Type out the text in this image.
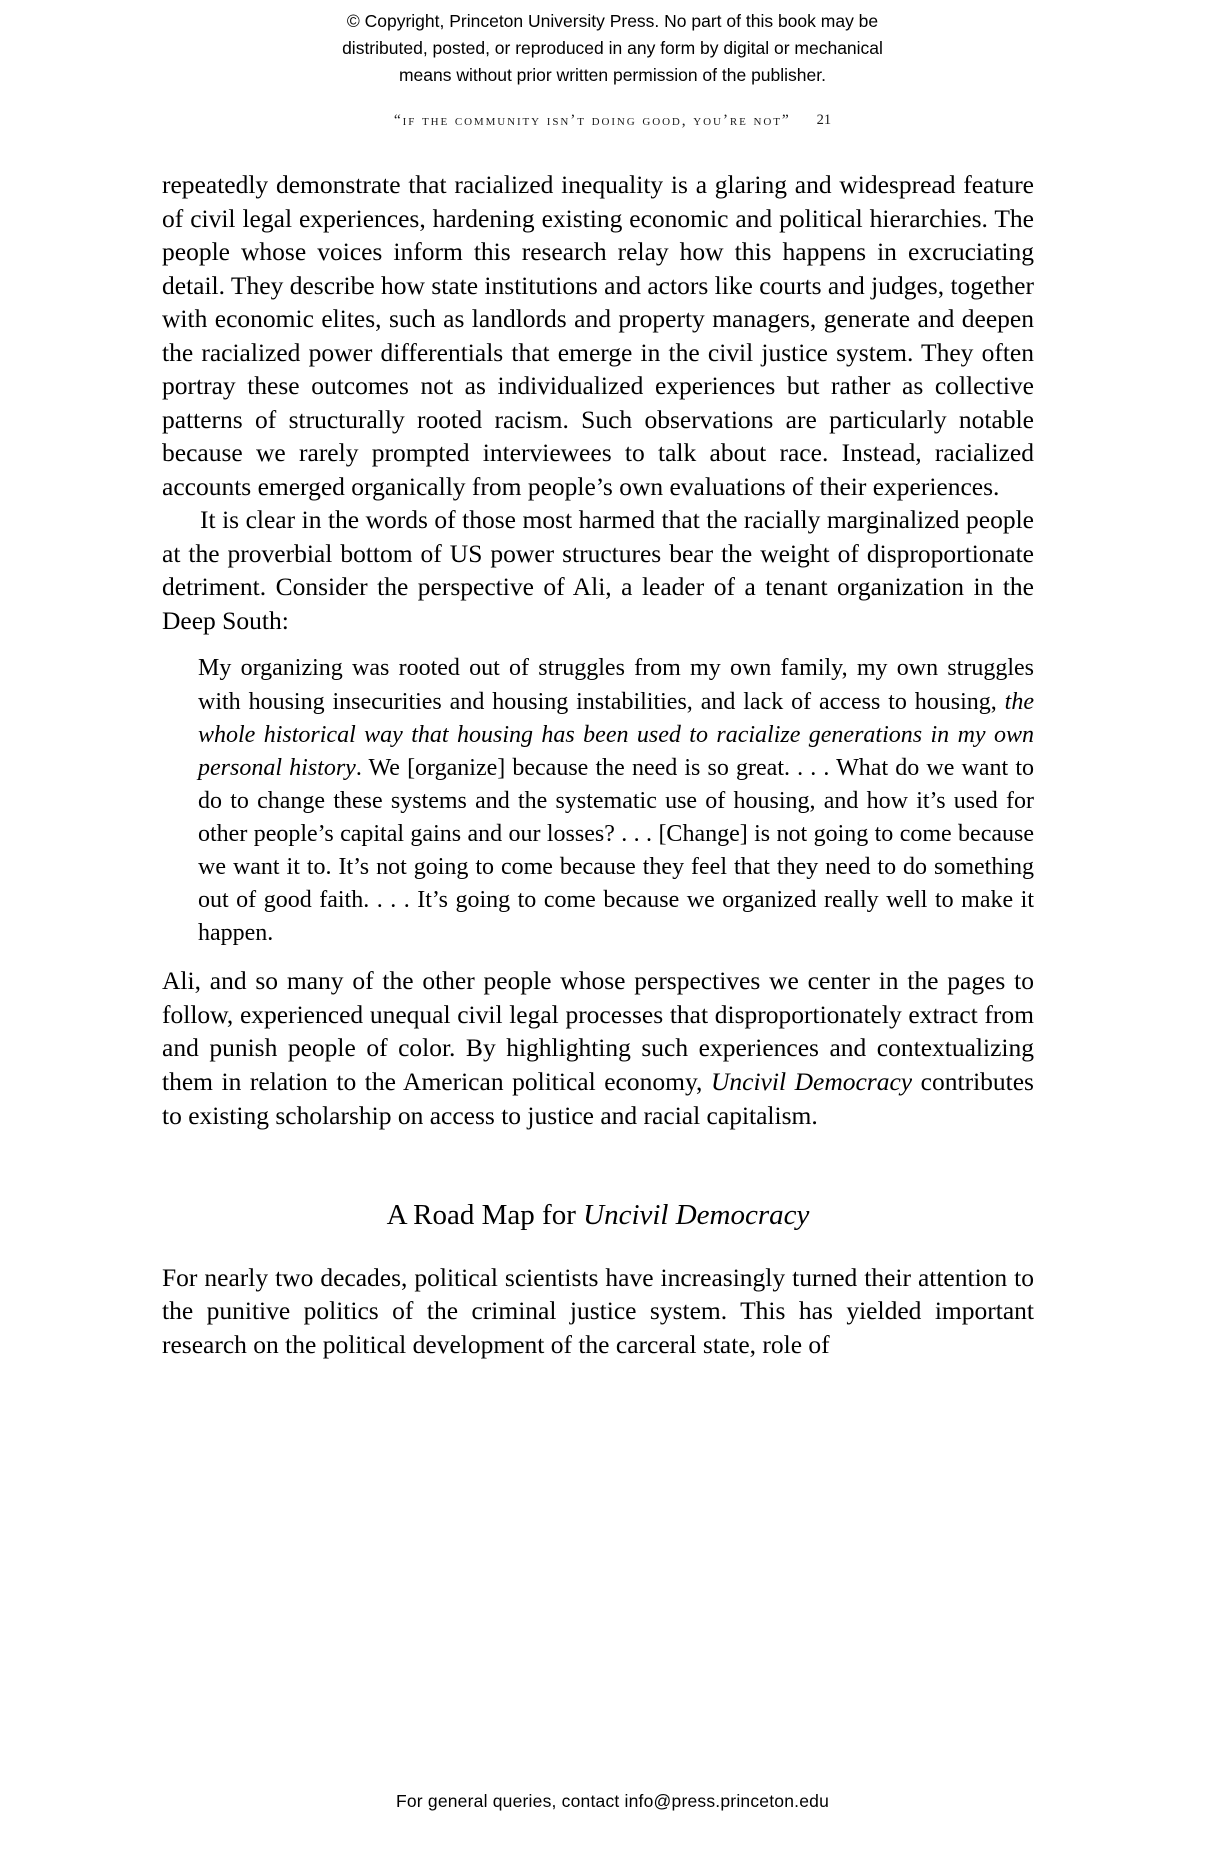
© Copyright, Princeton University Press. No part of this book may be
distributed, posted, or reproduced in any form by digital or mechanical
means without prior written permission of the publisher.
“if the community isn’t doing good, you’re not” 21

repeatedly demonstrate that racialized inequality is a glaring and widespread feature of civil legal experiences, hardening existing economic and political hierarchies. The people whose voices inform this research relay how this happens in excruciating detail. They describe how state institutions and actors like courts and judges, together with economic elites, such as landlords and property managers, generate and deepen the racialized power differentials that emerge in the civil justice system. They often portray these outcomes not as individualized experiences but rather as collective patterns of structurally rooted racism. Such observations are particularly notable because we rarely prompted interviewees to talk about race. Instead, racialized accounts emerged organically from people’s own evaluations of their experiences.

It is clear in the words of those most harmed that the racially marginalized people at the proverbial bottom of US power structures bear the weight of disproportionate detriment. Consider the perspective of Ali, a leader of a tenant organization in the Deep South:

My organizing was rooted out of struggles from my own family, my own struggles with housing insecurities and housing instabilities, and lack of access to housing, the whole historical way that housing has been used to racialize generations in my own personal history. We [organize] because the need is so great. . . . What do we want to do to change these systems and the systematic use of housing, and how it’s used for other people’s capital gains and our losses? . . . [Change] is not going to come because we want it to. It’s not going to come because they feel that they need to do something out of good faith. . . . It’s going to come because we organized really well to make it happen.

Ali, and so many of the other people whose perspectives we center in the pages to follow, experienced unequal civil legal processes that disproportionately extract from and punish people of color. By highlighting such experiences and contextualizing them in relation to the American political economy, Uncivil Democracy contributes to existing scholarship on access to justice and racial capitalism.

A Road Map for Uncivil Democracy

For nearly two decades, political scientists have increasingly turned their attention to the punitive politics of the criminal justice system. This has yielded important research on the political development of the carceral state, role of

For general queries, contact info@press.princeton.edu
